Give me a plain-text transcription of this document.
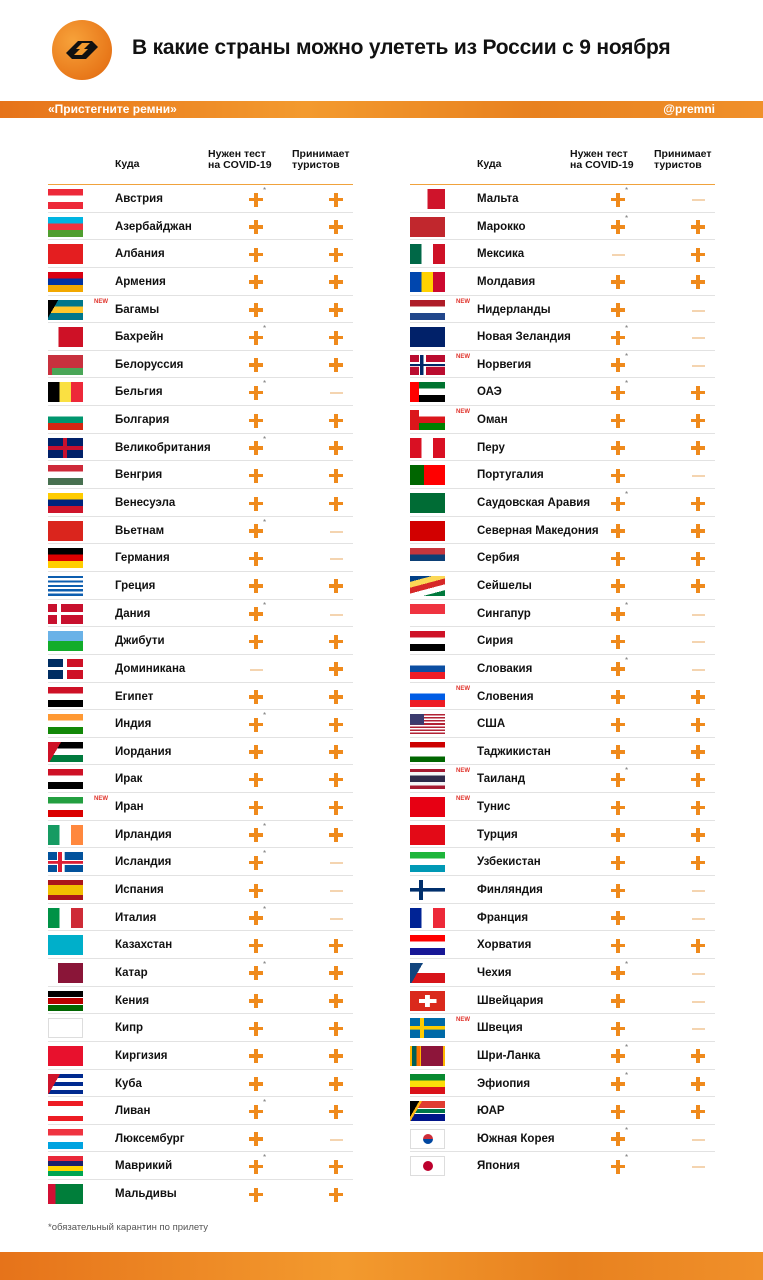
В какие страны можно улететь из России с 9 ноября
«Пристегните ремни»	@premni
Куда
Нужен тест
на COVID-19
Принимает
туристов
Австрия
*
Азербайджан
Албания
Армения
NEW
Багамы
Бахрейн
*
Белоруссия
Бельгия
*
Болгария
Великобритания
*
Венгрия
Венесуэла
Вьетнам
*
Германия
Греция
Дания
*
Джибути
Доминикана
Египет
Индия
*
Иордания
Ирак
NEW
Иран
Ирландия
*
Исландия
*
Испания
Италия
*
Казахстан
Катар
*
Кения
Кипр
Киргизия
Куба
Ливан
*
Люксембург
Маврикий
*
Мальдивы
Куда
Нужен тест
на COVID-19
Принимает
туристов
Мальта
*
Марокко
*
Мексика
Молдавия
NEW
Нидерланды
Новая Зеландия
*
NEW
Норвегия
*
ОАЭ
*
NEW
Оман
Перу
Португалия
Саудовская Аравия
*
Северная Македония
Сербия
Сейшелы
Сингапур
*
Сирия
Словакия
*
NEW
Словения
США
Таджикистан
NEW
Таиланд
*
NEW
Тунис
Турция
Узбекистан
Финляндия
Франция
Хорватия
Чехия
*
Швейцария
NEW
Швеция
Шри-Ланка
*
Эфиопия
*
ЮАР
Южная Корея
*
Япония
*
*обязательный карантин по прилету
